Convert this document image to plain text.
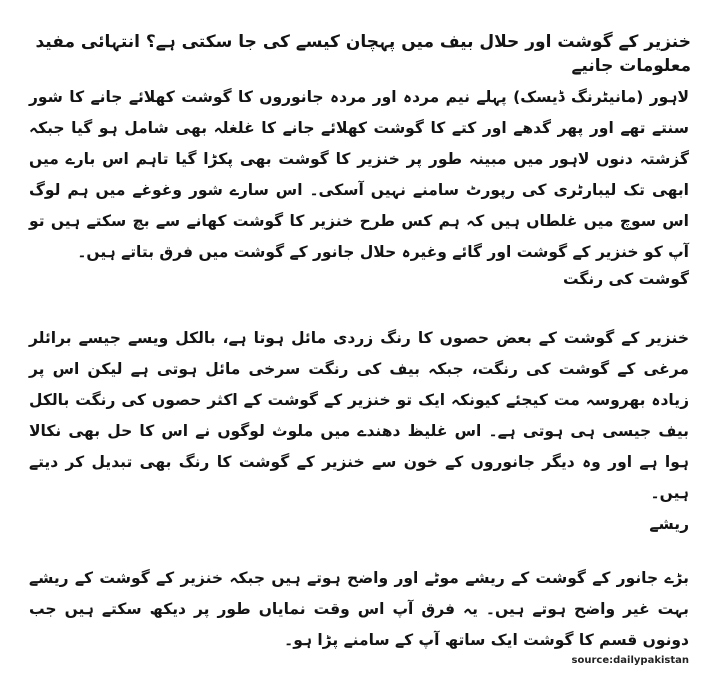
خنزیر کے گوشت اور حلال بیف میں پہچان کیسے کی جا سکتی ہے؟ انتہائی مفید معلومات جانیے

لاہور (مانیٹرنگ ڈیسک) پہلے نیم مردہ اور مردہ جانوروں کا گوشت کھلائے جانے کا شور سنتے تھے اور پھر گدھے اور کتے کا گوشت کھلائے جانے کا غلغلہ بھی شامل ہو گیا جبکہ گزشتہ دنوں لاہور میں مبینہ طور پر خنزیر کا گوشت بھی پکڑا گیا تاہم اس بارے میں ابھی تک لیبارٹری کی رپورٹ سامنے نہیں آسکی۔ اس سارے شور وغوغے میں ہم لوگ اس سوچ میں غلطاں ہیں کہ ہم کس طرح خنزیر کا گوشت کھانے سے بچ سکتے ہیں تو آپ کو خنزیر کے گوشت اور گائے وغیرہ حلال جانور کے گوشت میں فرق بتاتے ہیں۔

گوشت کی رنگت

خنزیر کے گوشت کے بعض حصوں کا رنگ زردی مائل ہوتا ہے، بالکل ویسے جیسے برائلر مرغی کے گوشت کی رنگت، جبکہ بیف کی رنگت سرخی مائل ہوتی ہے لیکن اس پر زیادہ بھروسہ مت کیجئے کیونکہ ایک تو خنزیر کے گوشت کے اکثر حصوں کی رنگت بالکل بیف جیسی ہی ہوتی ہے۔ اس غلیظ دھندے میں ملوث لوگوں نے اس کا حل بھی نکالا ہوا ہے اور وہ دیگر جانوروں کے خون سے خنزیر کے گوشت کا رنگ بھی تبدیل کر دیتے ہیں۔

ریشے

بڑے جانور کے گوشت کے ریشے موٹے اور واضح ہوتے ہیں جبکہ خنزیر کے گوشت کے ریشے بہت غیر واضح ہوتے ہیں۔ یہ فرق آپ اس وقت نمایاں طور پر دیکھ سکتے ہیں جب دونوں قسم کا گوشت ایک ساتھ آپ کے سامنے پڑا ہو۔

source:dailypakistan
